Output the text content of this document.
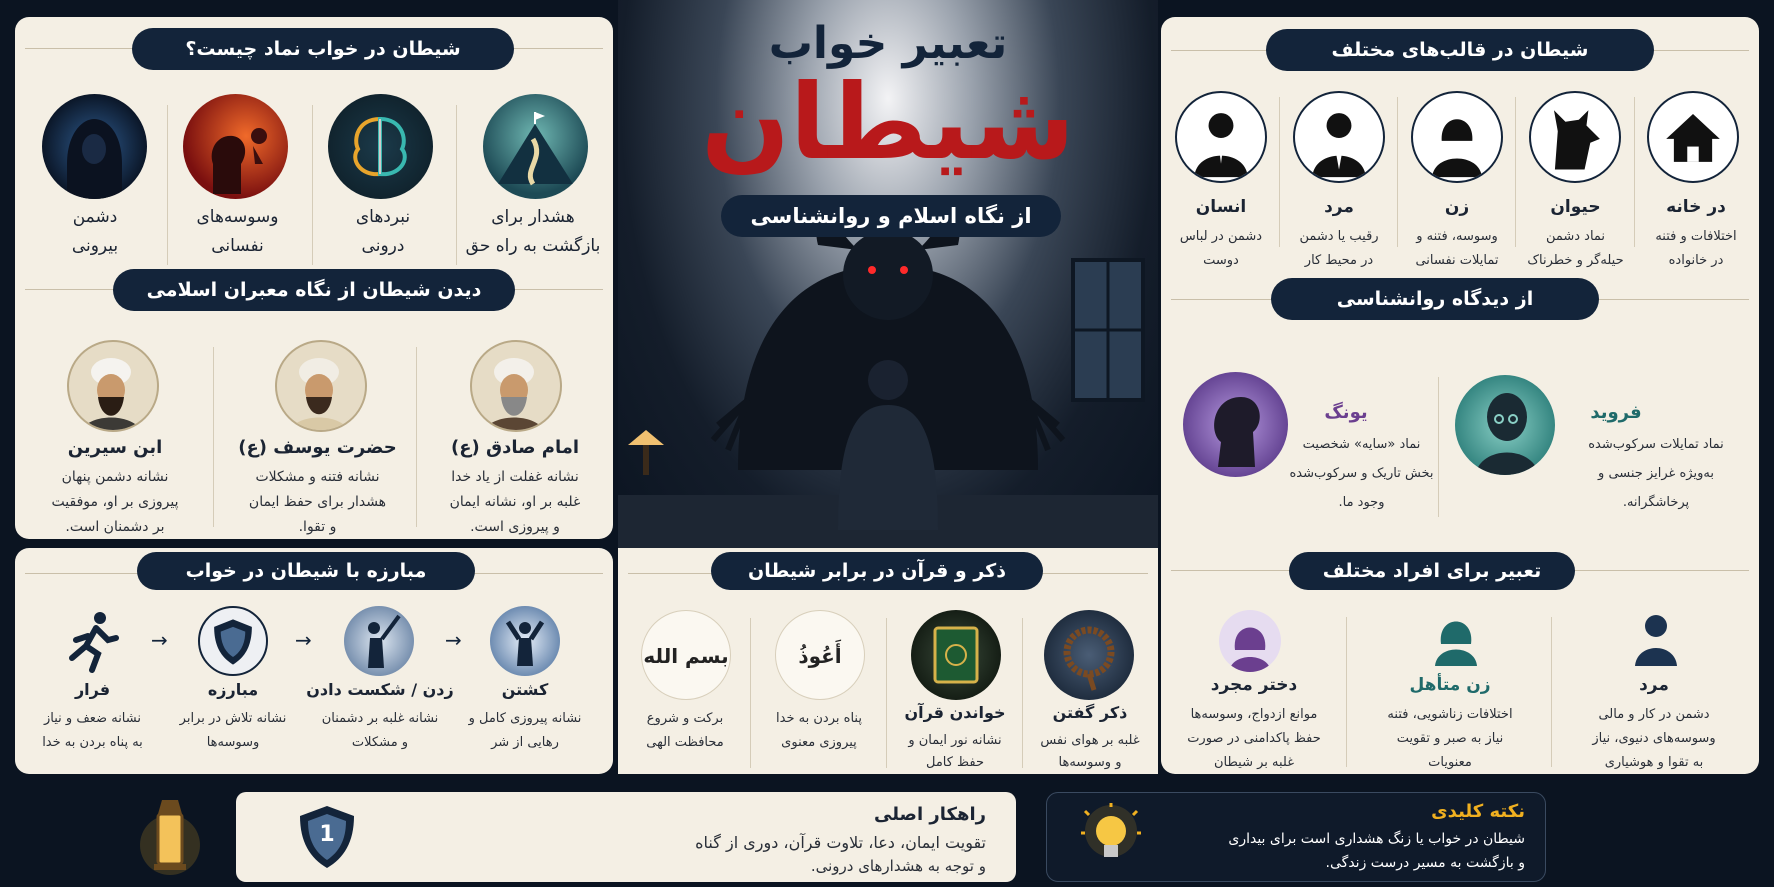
شیطان در خواب نماد چیست؟
هشدار برای
بازگشت به راه حق
نبردهای
درونی
وسوسه‌های
نفسانی
دشمن
بیرونی
دیدن شیطان از نگاه معبران اسلامی
امام صادق (ع)
نشانه غفلت از یاد خدا
غلبه بر او، نشانه ایمان
و پیروزی است.
حضرت یوسف (ع)
نشانه فتنه و مشکلات
هشدار برای حفظ ایمان
و تقوا.
ابن سیرین
نشانه دشمن پنهان
پیروزی بر او، موفقیت
بر دشمنان است.
مبارزه با شیطان در خواب
→
→
→
کشتن
نشانه پیروزی کامل و
رهایی از شر
زدن / شکست دادن
نشانه غلبه بر دشمنان
و مشکلات
مبارزه
نشانه تلاش در برابر
وسوسه‌ها
فرار
نشانه ضعف و نیاز
به پناه بردن به خدا
تعبیر خواب
شیطان
از نگاه اسلام و روانشناسی
ذکر و قرآن در برابر شیطان
أَعُوذُ
بسم الله
ذکر گفتن
غلبه بر هوای نفس
و وسوسه‌ها
خواندن قرآن
نشانه نور ایمان و
حفظ کامل
پناه بردن به خدا
پیروزی معنوی
برکت و شروع
محافظت الهی
شیطان در قالب‌های مختلف
در خانه
اختلافات و فتنه
در خانواده
حیوان
نماد دشمن
حیله‌گر و خطرناک
زن
وسوسه، فتنه و
تمایلات نفسانی
مرد
رقیب یا دشمن
در محیط کار
انسان
دشمن در لباس
دوست
از دیدگاه روانشناسی
فروید
نماد تمایلات سرکوب‌شده
به‌ویژه غرایز جنسی و
پرخاشگرانه.
یونگ
نماد «سایه» شخصیت
بخش تاریک و سرکوب‌شده
وجود ما.
تعبیر برای افراد مختلف
مرد
دشمن در کار و مالی
وسوسه‌های دنیوی، نیاز
به تقوا و هوشیاری
زن متأهل
اختلافات زناشویی، فتنه
نیاز به صبر و تقویت
معنویات
دختر مجرد
موانع ازدواج، وسوسه‌ها
حفظ پاکدامنی در صورت
غلبه بر شیطان
1
راهکار اصلی
تقویت ایمان، دعا، تلاوت قرآن، دوری از گناه
و توجه به هشدارهای درونی.
نکته کلیدی
شیطان در خواب یا زنگ هشداری است برای بیداری
و بازگشت به مسیر درست زندگی.
